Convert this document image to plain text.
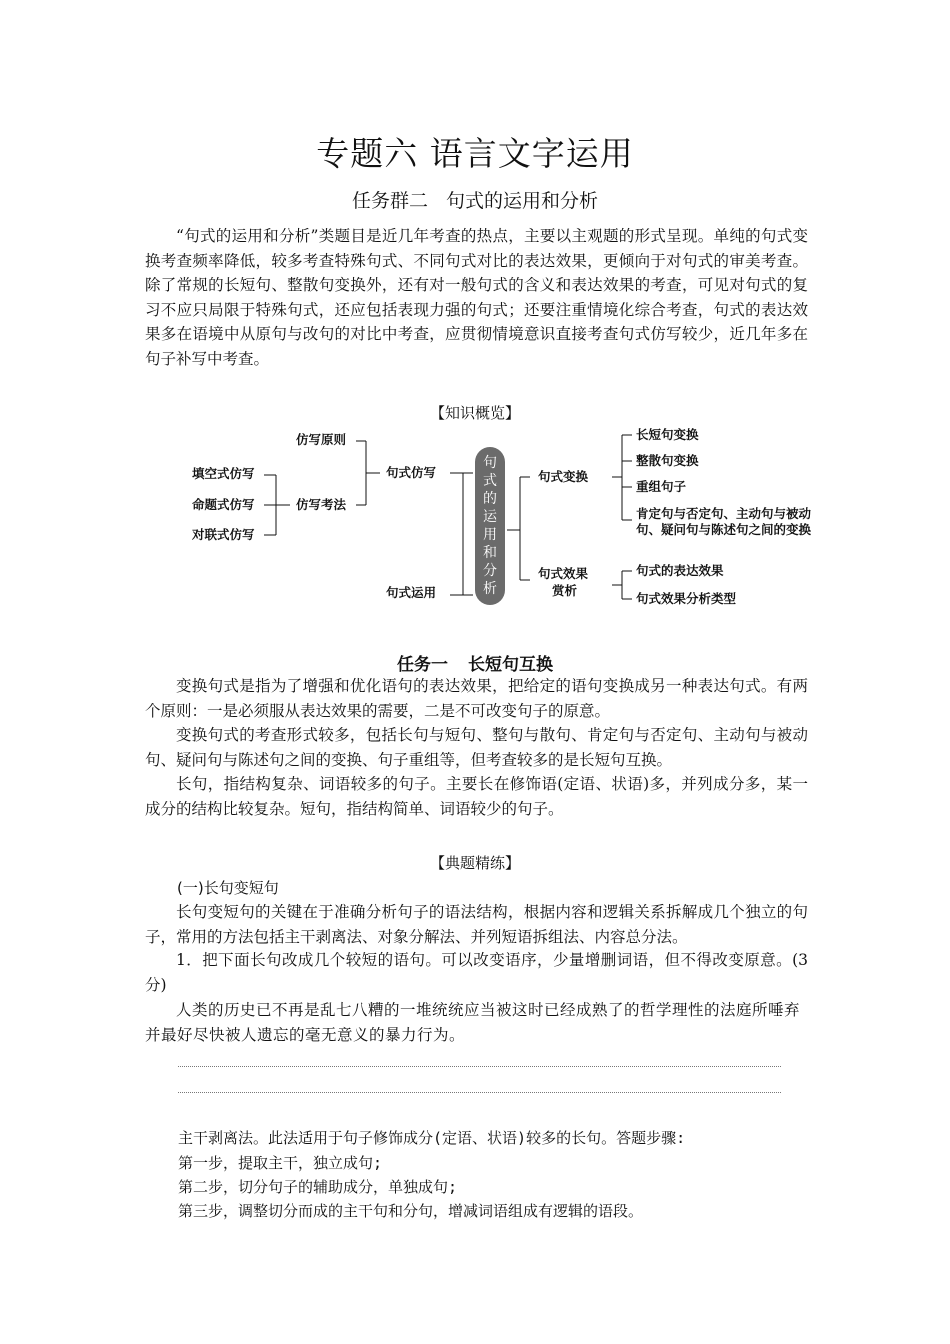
专题六 语言文字运用
任务群二 句式的运用和分析

“句式的运用和分析”类题目是近几年考查的热点，主要以主观题的形式呈现。单纯的句式变换考查频率降低，较多考查特殊句式、不同句式对比的表达效果，更倾向于对句式的审美考查。除了常规的长短句、整散句变换外，还有对一般句式的含义和表达效果的考查，可见对句式的复习不应只局限于特殊句式，还应包括表现力强的句式；还要注重情境化综合考查，句式的表达效果多在语境中从原句与改句的对比中考查，应贯彻情境意识直接考查句式仿写较少，近几年多在句子补写中考查。

【知识概览】
句式的运用和分析
句式仿写
句式运用
仿写原则
仿写考法
填空式仿写
命题式仿写
对联式仿写
句式变换
句式效果
赏析
长短句变换
整散句变换
重组句子
肯定句与否定句、主动句与被动
句、疑问句与陈述句之间的变换
句式的表达效果
句式效果分析类型
任务一 长短句互换

变换句式是指为了增强和优化语句的表达效果，把给定的语句变换成另一种表达句式。有两个原则：一是必须服从表达效果的需要，二是不可改变句子的原意。

变换句式的考查形式较多，包括长句与短句、整句与散句、肯定句与否定句、主动句与被动句、疑问句与陈述句之间的变换、句子重组等，但考查较多的是长短句互换。

长句，指结构复杂、词语较多的句子。主要长在修饰语(定语、状语)多，并列成分多，某一成分的结构比较复杂。短句，指结构简单、词语较少的句子。

【典题精练】
(一)长句变短句

长句变短句的关键在于准确分析句子的语法结构，根据内容和逻辑关系拆解成几个独立的句子，常用的方法包括主干剥离法、对象分解法、并列短语拆组法、内容总分法。

1．把下面长句改成几个较短的语句。可以改变语序，少量增删词语，但不得改变原意。(3分)

人类的历史已不再是乱七八糟的一堆统统应当被这时已经成熟了的哲学理性的法庭所唾弃并最好尽快被人遗忘的毫无意义的暴力行为。

主干剥离法。此法适用于句子修饰成分(定语、状语)较多的长句。答题步骤:
第一步，提取主干，独立成句;
第二步，切分句子的辅助成分，单独成句;
第三步，调整切分而成的主干句和分句，增减词语组成有逻辑的语段。
